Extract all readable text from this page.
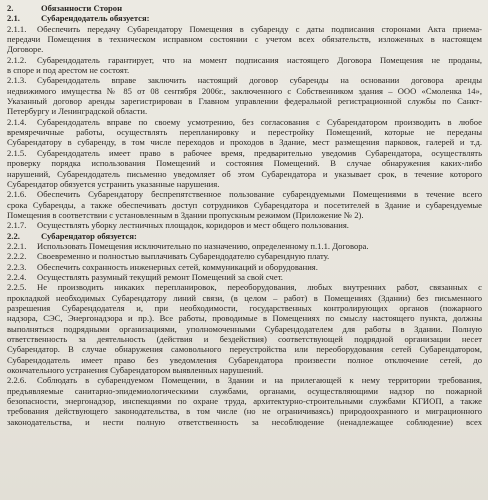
2.	Обязанности Сторон
2.1. Субарендодатель обязуется:
2.1.1. Обеспечить передачу Субарендатору Помещения в субаренду с даты подписания сторонами Акта приема-
передачи Помещения в техническом исправном состоянии с учетом всех обязательств, изложенных в настоящем
Договоре.
2.1.2. Субарендодатель гарантирует, что на момент подписания настоящего Договора Помещения не проданы,
в споре и под арестом не состоят.
2.1.3. Субарендодатель вправе заключить настоящий договор субаренды на основании договора аренды
недвижимого имущества № 85 от 08 сентября 2006г., заключенного с Собственником здания – ООО «Смоленка 14»,
Указанный договор аренды зарегистрирован в Главном управлении федеральной регистрационной службы по Санкт-
Петербургу и Ленинградской области.
2.1.4. Субарендодатель вправе по своему усмотрению, без согласования с Субарендатором производить в любое
времяречичные работы, осуществлять перепланировку и перестройку Помещений, которые не переданы
Субарендатору в субаренду, в том числе переходов и проходов в Здание, мест размещения парковок, галерей и т.д.
2.1.5. Субарендодатель имеет право в рабочее время, предварительно уведомив Субарендатора, осуществлять
проверку порядка использования Помещений и состояния Помещений. В случае обнаружения каких-либо
нарушений, Субарендодатель письменно уведомляет об этом Субарендатора и указывает срок, в течение которого
Субарендатор обязуется устранить указанные нарушения.
2.1.6. Обеспечить Субарендатору беспрепятственное пользование субарендуемыми Помещениями в течение всего
срока Субаренды, а также обеспечивать доступ сотрудников Субарендатора и посетителей в Здание и субарендуемые
Помещения в соответствии с установленным в Здании пропускным режимом (Приложение № 2).
2.1.7. Осуществлять уборку лестничных площадок, коридоров и мест общего пользования.
2.2. Субарендатор обязуется:
2.2.1. Использовать Помещения исключительно по назначению, определенному п.1.1. Договора.
2.2.2. Своевременно и полностью выплачивать Субарендодателю субарендную плату.
2.2.3. Обеспечить сохранность инженерных сетей, коммуникаций и оборудования.
2.2.4. Осуществлять разумный текущий ремонт Помещений за свой счет.
2.2.5. Не производить никаких перепланировок, переоборудования, любых внутренних работ, связанных с
прокладкой необходимых Субарендатору линий связи, (в целом – работ) в Помещениях (Здании) без письменного
разрешения Субарендодателя и, при необходимости, государственных контролирующих органов (пожарного
надзора, СЭС, Энергонадзора и пр.). Все работы, проводимые в Помещениях по смыслу настоящего пункта, должны
выполняться подрядными организациями, уполномоченными Субарендодателем для работы в Здании. Полную
ответственность за деятельность (действия и бездействия) соответствующей подрядной организации несет
Субарендатор. В случае обнаружения самовольного переустройства или переоборудования сетей Субарендатором,
Субарендодатель имеет право без уведомления Субарендатора произвести полное отключение сетей, до
окончательного устранения Субарендатором выявленных нарушений.
2.2.6. Соблюдать в субарендуемом Помещении, в Здании и на прилегающей к нему территории требования,
предъявляемые санитарно-эпидемиологическими службами, органами, осуществляющими надзор по пожарной
безопасности, энергонадзор, инспекциями по охране труда, архитектурно-строительными службами КГИОП, а также
требования действующего законодательства, в том числе (но не ограничиваясь) природоохранного и миграционного
законодательства, и нести полную ответственность за несоблюдение (ненадлежащее соблюдение) всех
